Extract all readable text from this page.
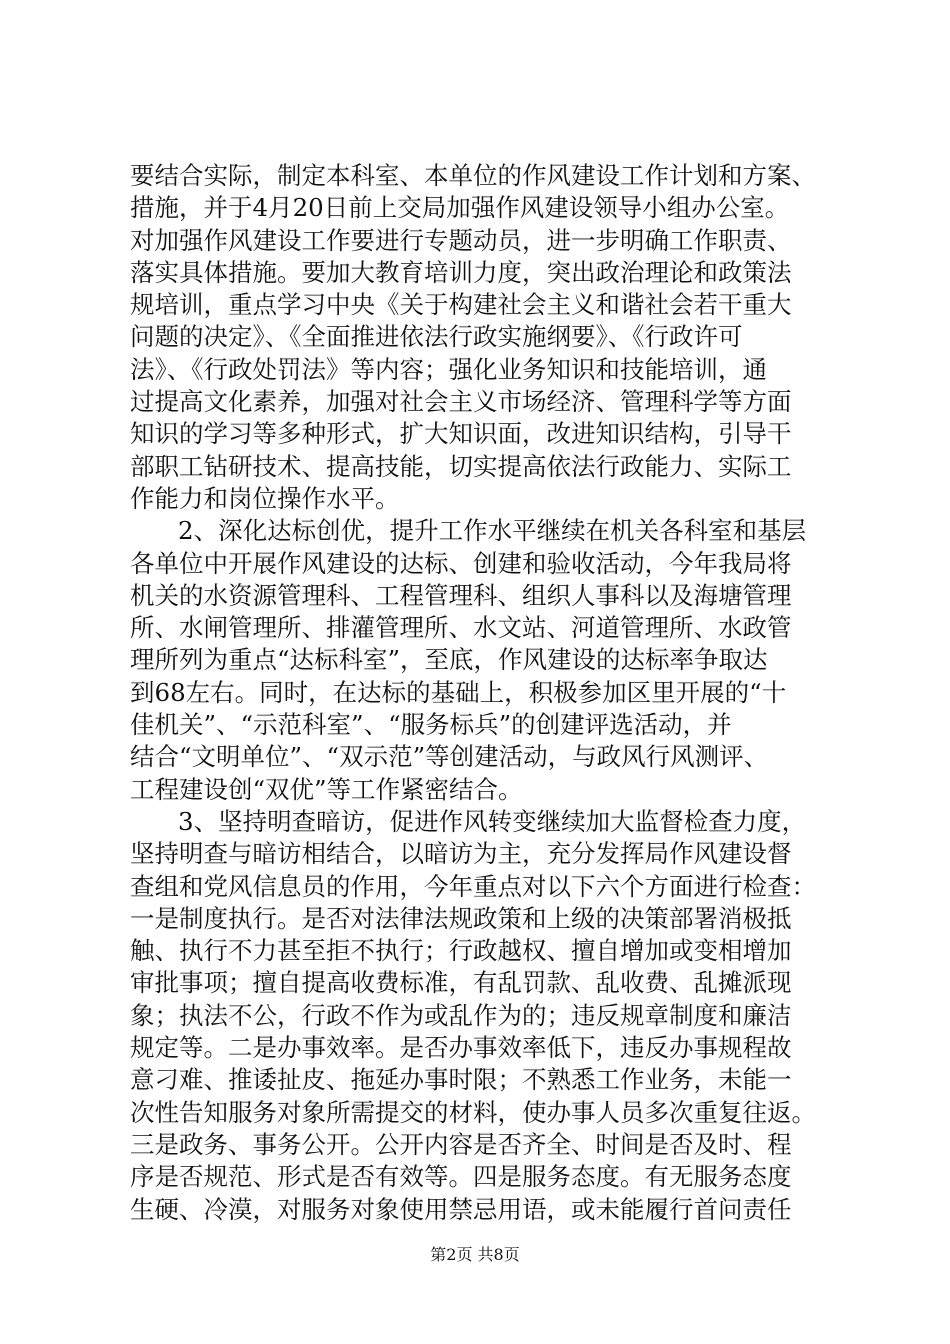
要结合实际，制定本科室、本单位的作风建设工作计划和方案、
措施，并于4月20日前上交局加强作风建设领导小组办公室。
对加强作风建设工作要进行专题动员，进一步明确工作职责、
落实具体措施。要加大教育培训力度，突出政治理论和政策法
规培训，重点学习中央《关于构建社会主义和谐社会若干重大
问题的决定》、《全面推进依法行政实施纲要》、《行政许可
法》、《行政处罚法》等内容；强化业务知识和技能培训，通
过提高文化素养，加强对社会主义市场经济、管理科学等方面
知识的学习等多种形式，扩大知识面，改进知识结构，引导干
部职工钻研技术、提高技能，切实提高依法行政能力、实际工
作能力和岗位操作水平。
2、深化达标创优，提升工作水平继续在机关各科室和基层
各单位中开展作风建设的达标、创建和验收活动，今年我局将
机关的水资源管理科、工程管理科、组织人事科以及海塘管理
所、水闸管理所、排灌管理所、水文站、河道管理所、水政管
理所列为重点“达标科室”，至底，作风建设的达标率争取达
到68左右。同时，在达标的基础上，积极参加区里开展的“十
佳机关”、“示范科室”、“服务标兵”的创建评选活动，并
结合“文明单位”、“双示范”等创建活动，与政风行风测评、
工程建设创“双优”等工作紧密结合。
3、坚持明查暗访，促进作风转变继续加大监督检查力度，
坚持明查与暗访相结合，以暗访为主，充分发挥局作风建设督
查组和党风信息员的作用，今年重点对以下六个方面进行检查：
一是制度执行。是否对法律法规政策和上级的决策部署消极抵
触、执行不力甚至拒不执行；行政越权、擅自增加或变相增加
审批事项；擅自提高收费标准，有乱罚款、乱收费、乱摊派现
象；执法不公，行政不作为或乱作为的；违反规章制度和廉洁
规定等。二是办事效率。是否办事效率低下，违反办事规程故
意刁难、推诿扯皮、拖延办事时限；不熟悉工作业务，未能一
次性告知服务对象所需提交的材料，使办事人员多次重复往返。
三是政务、事务公开。公开内容是否齐全、时间是否及时、程
序是否规范、形式是否有效等。四是服务态度。有无服务态度
生硬、冷漠，对服务对象使用禁忌用语，或未能履行首问责任
第2页 共8页
